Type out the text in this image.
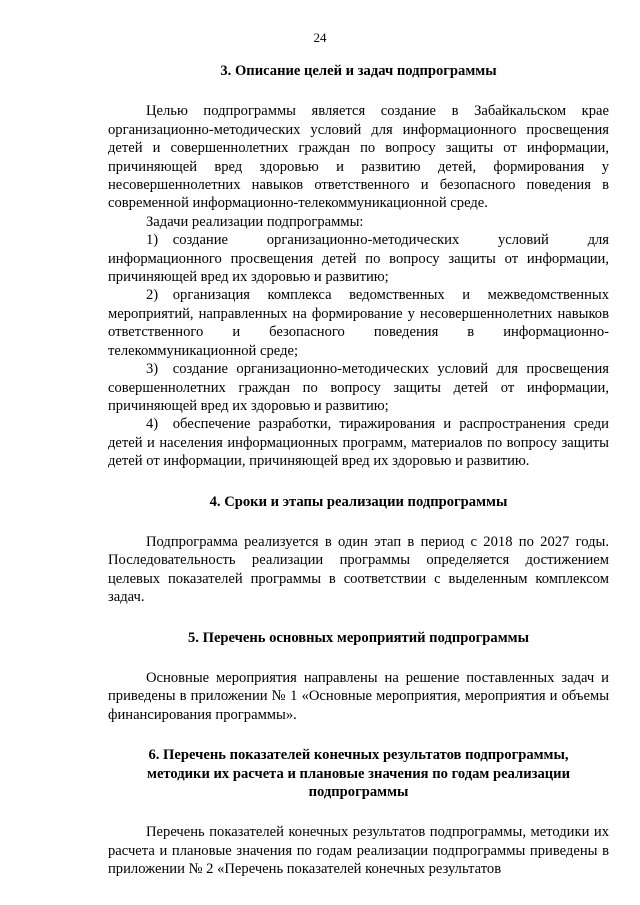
24
3. Описание целей и задач подпрограммы

Целью подпрограммы является создание в Забайкальском крае организационно-методических условий для информационного просвещения детей и совершеннолетних граждан по вопросу защиты от информации, причиняющей вред здоровью и развитию детей, формирования у несовершеннолетних навыков ответственного и безопасного поведения в современной информационно-телекоммуникационной среде.

Задачи реализации подпрограммы:

1) создание организационно-методических условий для информационного просвещения детей по вопросу защиты от информации, причиняющей вред их здоровью и развитию;

2) организация комплекса ведомственных и межведомственных мероприятий, направленных на формирование у несовершеннолетних навыков ответственного и безопасного поведения в информационно-телекоммуникационной среде;

3) создание организационно-методических условий для просвещения совершеннолетних граждан по вопросу защиты детей от информации, причиняющей вред их здоровью и развитию;

4) обеспечение разработки, тиражирования и распространения среди детей и населения информационных программ, материалов по вопросу защиты детей от информации, причиняющей вред их здоровью и развитию.

4. Сроки и этапы реализации подпрограммы

Подпрограмма реализуется в один этап в период с 2018 по 2027 годы. Последовательность реализации программы определяется достижением целевых показателей программы в соответствии с выделенным комплексом задач.

5. Перечень основных мероприятий подпрограммы

Основные мероприятия направлены на решение поставленных задач и приведены в приложении № 1 «Основные мероприятия, мероприятия и объемы финансирования программы».

6. Перечень показателей конечных результатов подпрограммы,
методики их расчета и плановые значения по годам реализации
подпрограммы

Перечень показателей конечных результатов подпрограммы, методики их расчета и плановые значения по годам реализации подпрограммы приведены в приложении № 2 «Перечень показателей конечных результатов
